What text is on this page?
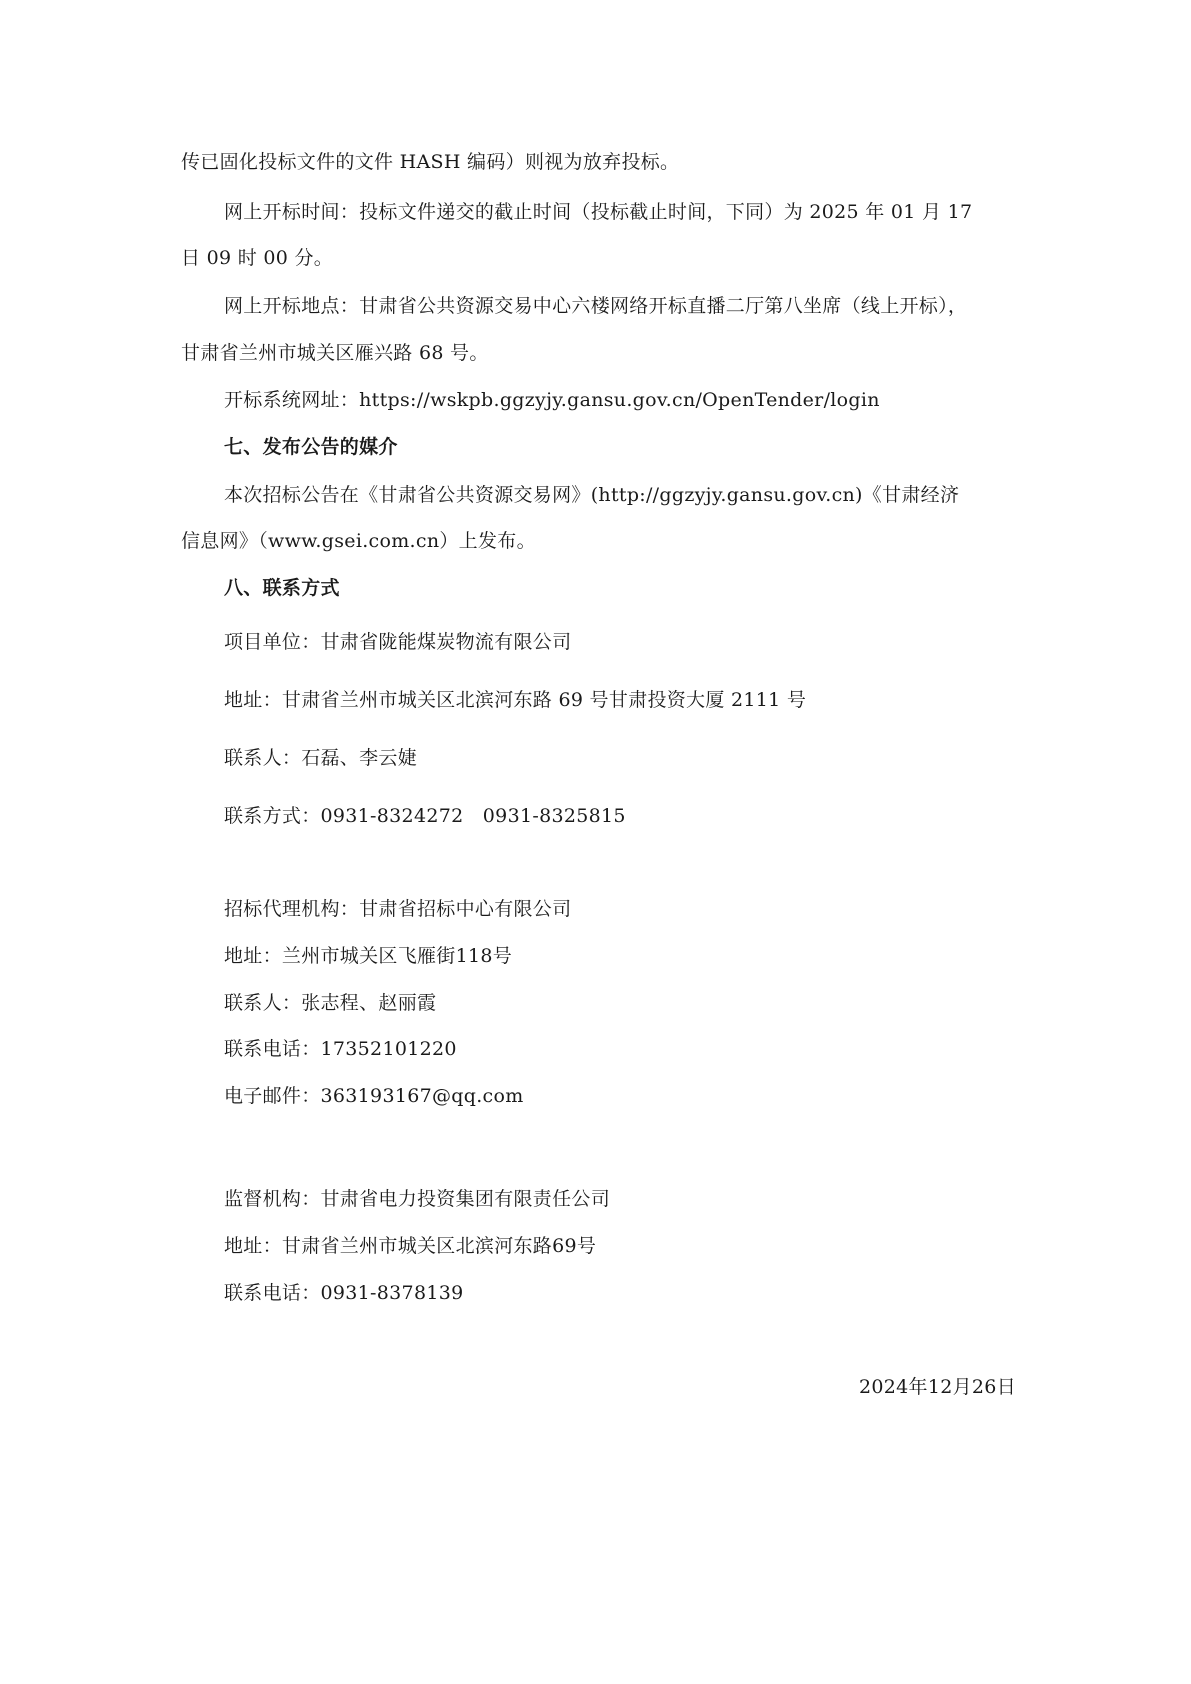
传已固化投标文件的文件 HASH 编码）则视为放弃投标。
网上开标时间：投标文件递交的截止时间（投标截止时间，下同）为 2025 年 01 月 17
日 09 时 00 分。
网上开标地点：甘肃省公共资源交易中心六楼网络开标直播二厅第八坐席（线上开标），
甘肃省兰州市城关区雁兴路 68 号。
开标系统网址：https://wskpb.ggzyjy.gansu.gov.cn/OpenTender/login
七、发布公告的媒介
本次招标公告在《甘肃省公共资源交易网》(http://ggzyjy.gansu.gov.cn)《甘肃经济
信息网》（www.gsei.com.cn）上发布。
八、联系方式
项目单位：甘肃省陇能煤炭物流有限公司
地址：甘肃省兰州市城关区北滨河东路 69 号甘肃投资大厦 2111 号
联系人：石磊、李云婕
联系方式：0931-8324272　0931-8325815
招标代理机构：甘肃省招标中心有限公司
地址：兰州市城关区飞雁街118号
联系人：张志程、赵丽霞
联系电话：17352101220
电子邮件：363193167@qq.com
监督机构：甘肃省电力投资集团有限责任公司
地址：甘肃省兰州市城关区北滨河东路69号
联系电话：0931-8378139
2024年12月26日
